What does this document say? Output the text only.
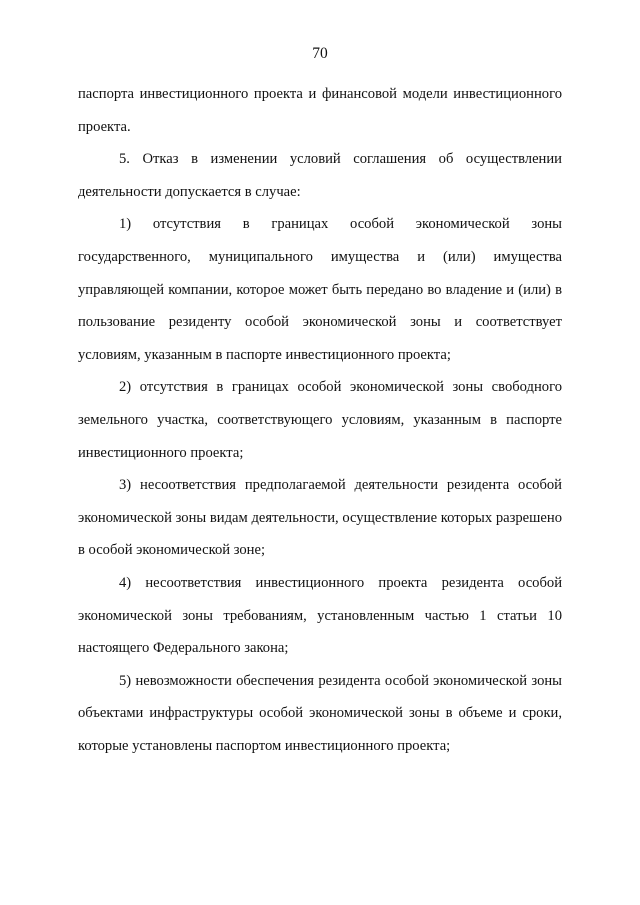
70

паспорта инвестиционного проекта и финансовой модели инвестиционного проекта.

5. Отказ в изменении условий соглашения об осуществлении деятельности допускается в случае:

1) отсутствия в границах особой экономической зоны государственного, муниципального имущества и (или) имущества управляющей компании, которое может быть передано во владение и (или) в пользование резиденту особой экономической зоны и соответствует условиям, указанным в паспорте инвестиционного проекта;

2) отсутствия в границах особой экономической зоны свободного земельного участка, соответствующего условиям, указанным в паспорте инвестиционного проекта;

3) несоответствия предполагаемой деятельности резидента особой экономической зоны видам деятельности, осуществление которых разрешено в особой экономической зоне;

4) несоответствия инвестиционного проекта резидента особой экономической зоны требованиям, установленным частью 1 статьи 10 настоящего Федерального закона;

5) невозможности обеспечения резидента особой экономической зоны объектами инфраструктуры особой экономической зоны в объеме и сроки, которые установлены паспортом инвестиционного проекта;
